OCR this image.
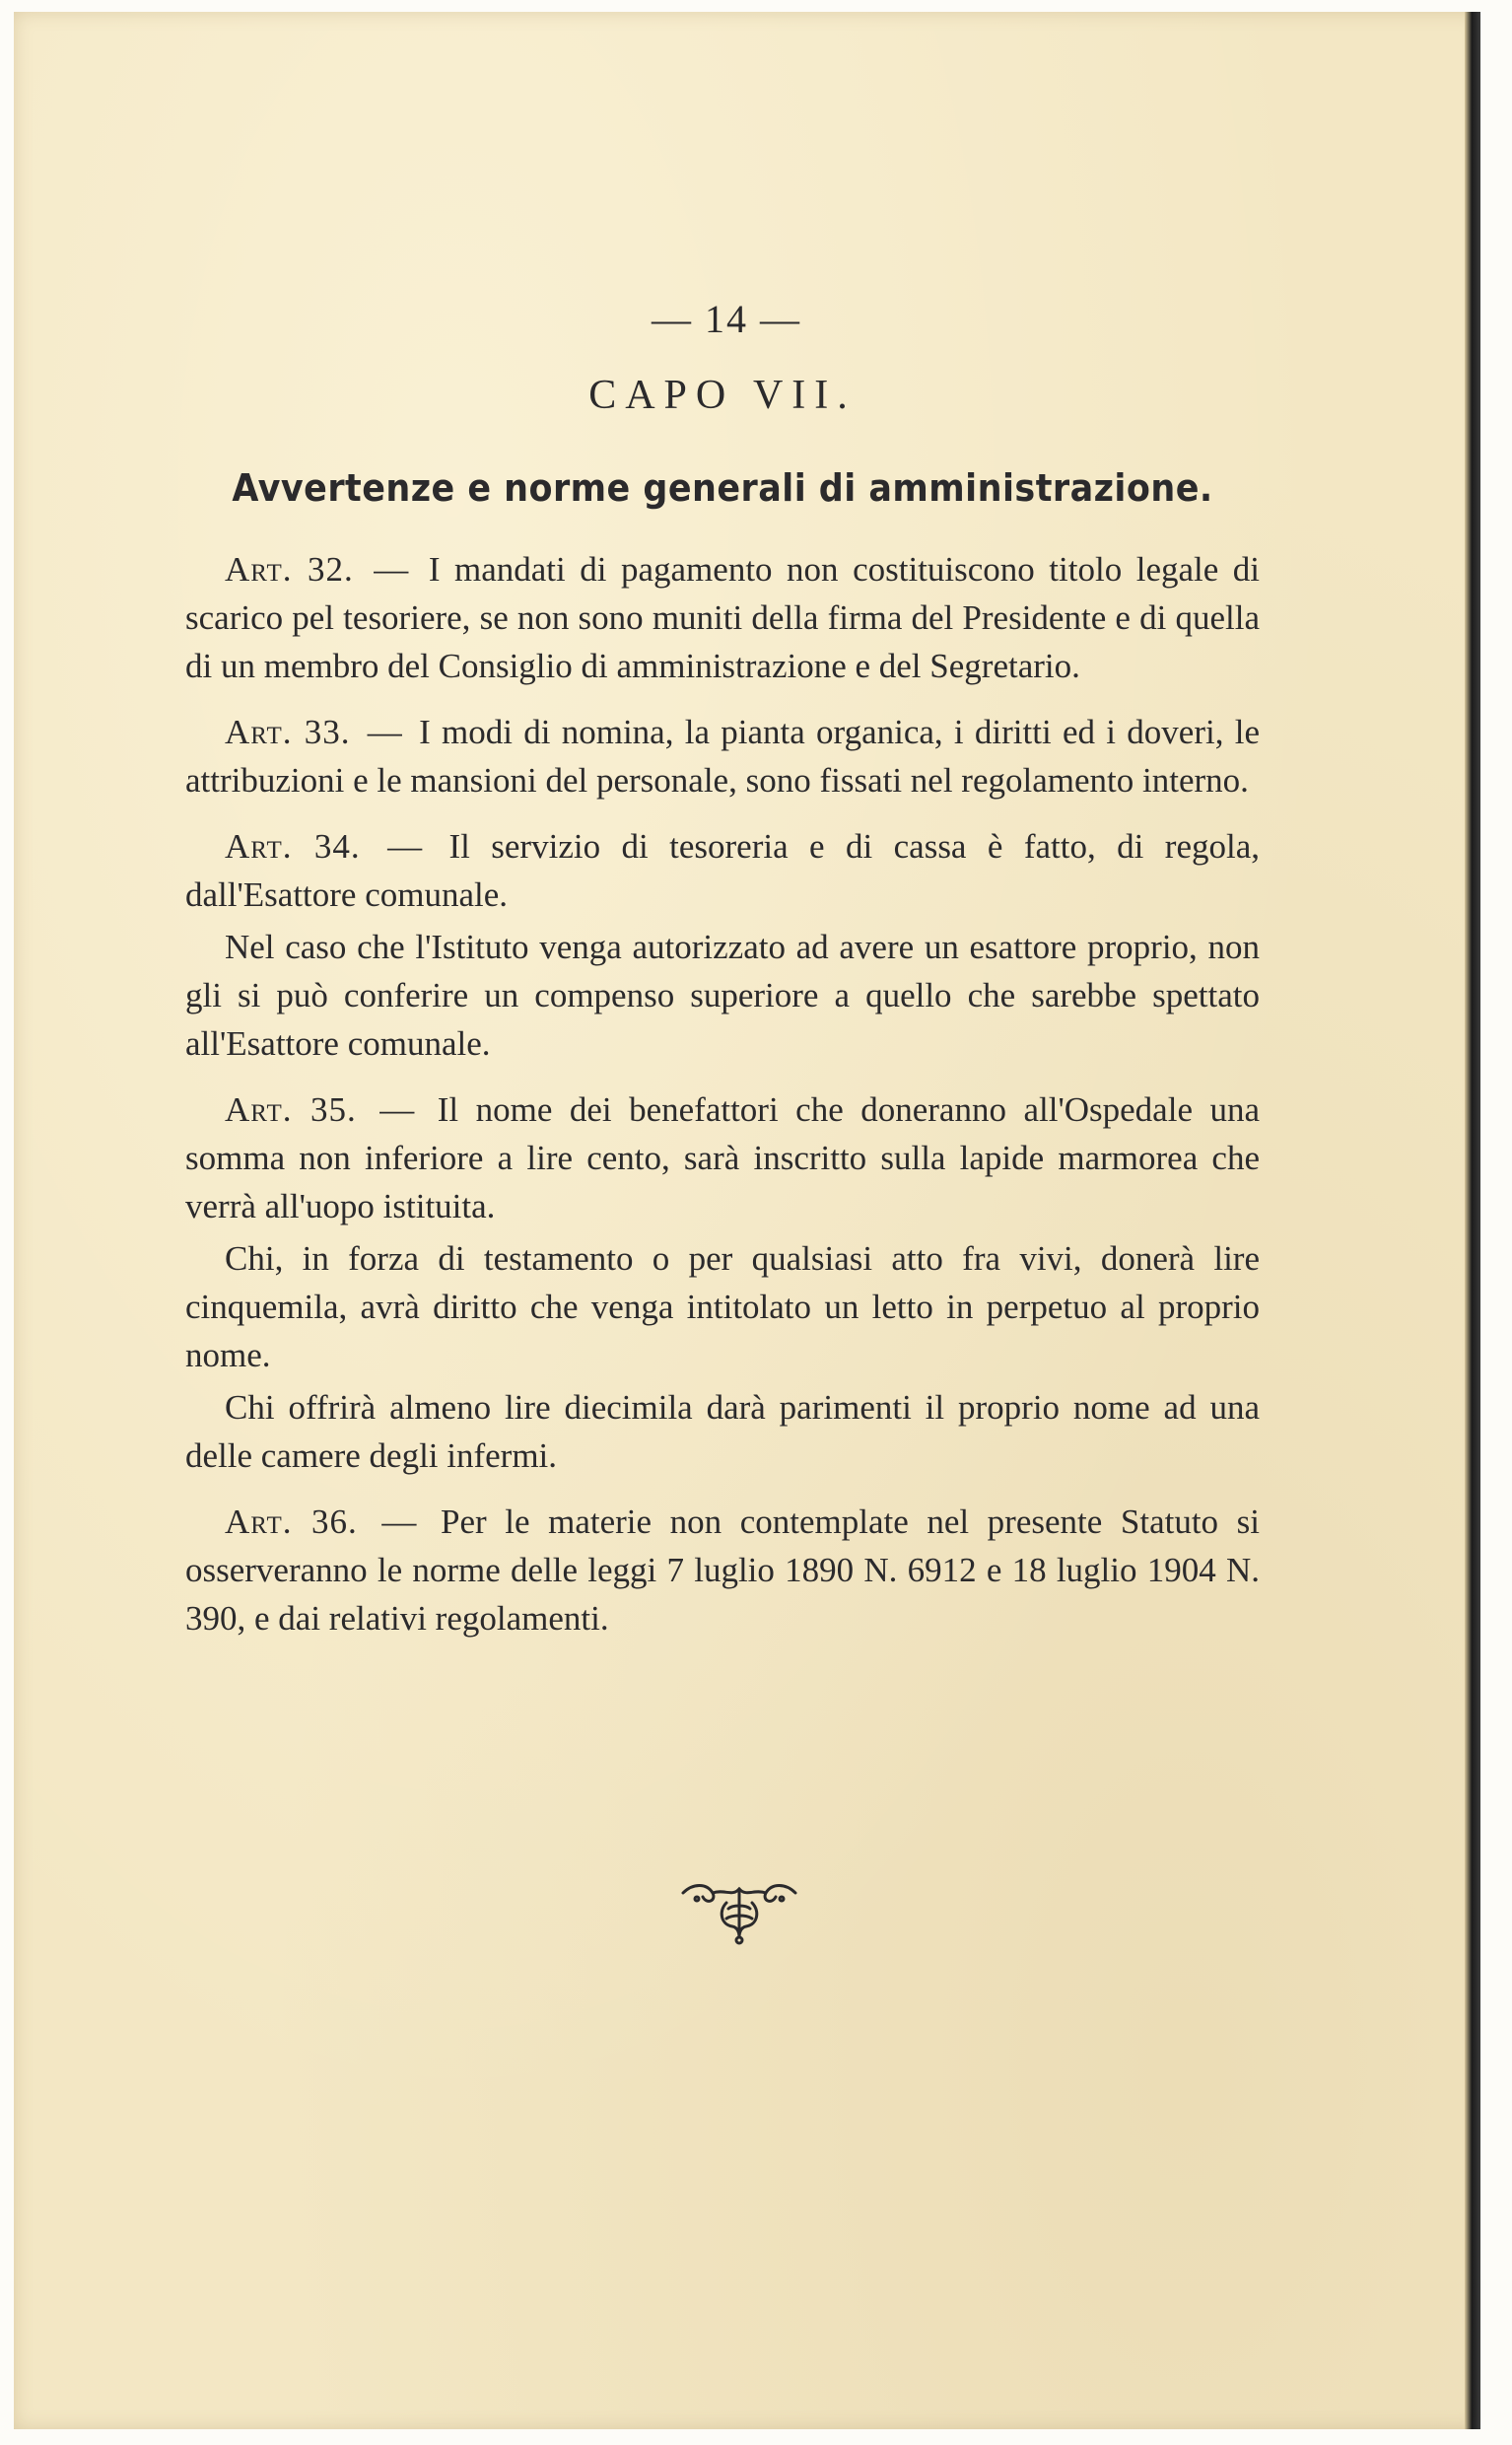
— 14 —
CAPO VII.
Avvertenze e norme generali di amministrazione.

Art. 32. — I mandati di pagamento non costituiscono titolo legale di scarico pel tesoriere, se non sono muniti della firma del Presidente e di quella di un membro del Consiglio di amministrazione e del Segretario.

Art. 33. — I modi di nomina, la pianta organica, i diritti ed i doveri, le attribuzioni e le mansioni del personale, sono fissati nel regolamento interno.

Art. 34. — Il servizio di tesoreria e di cassa è fatto, di regola, dall'Esattore comunale.

Nel caso che l'Istituto venga autorizzato ad avere un esattore proprio, non gli si può conferire un compenso superiore a quello che sarebbe spettato all'Esattore comunale.

Art. 35. — Il nome dei benefattori che doneranno all'Ospedale una somma non inferiore a lire cento, sarà inscritto sulla lapide marmorea che verrà all'uopo istituita.

Chi, in forza di testamento o per qualsiasi atto fra vivi, donerà lire cinquemila, avrà diritto che venga intitolato un letto in perpetuo al proprio nome.

Chi offrirà almeno lire diecimila darà parimenti il proprio nome ad una delle camere degli infermi.

Art. 36. — Per le materie non contemplate nel presente Statuto si osserveranno le norme delle leggi 7 luglio 1890 N. 6912 e 18 luglio 1904 N. 390, e dai relativi regolamenti.
